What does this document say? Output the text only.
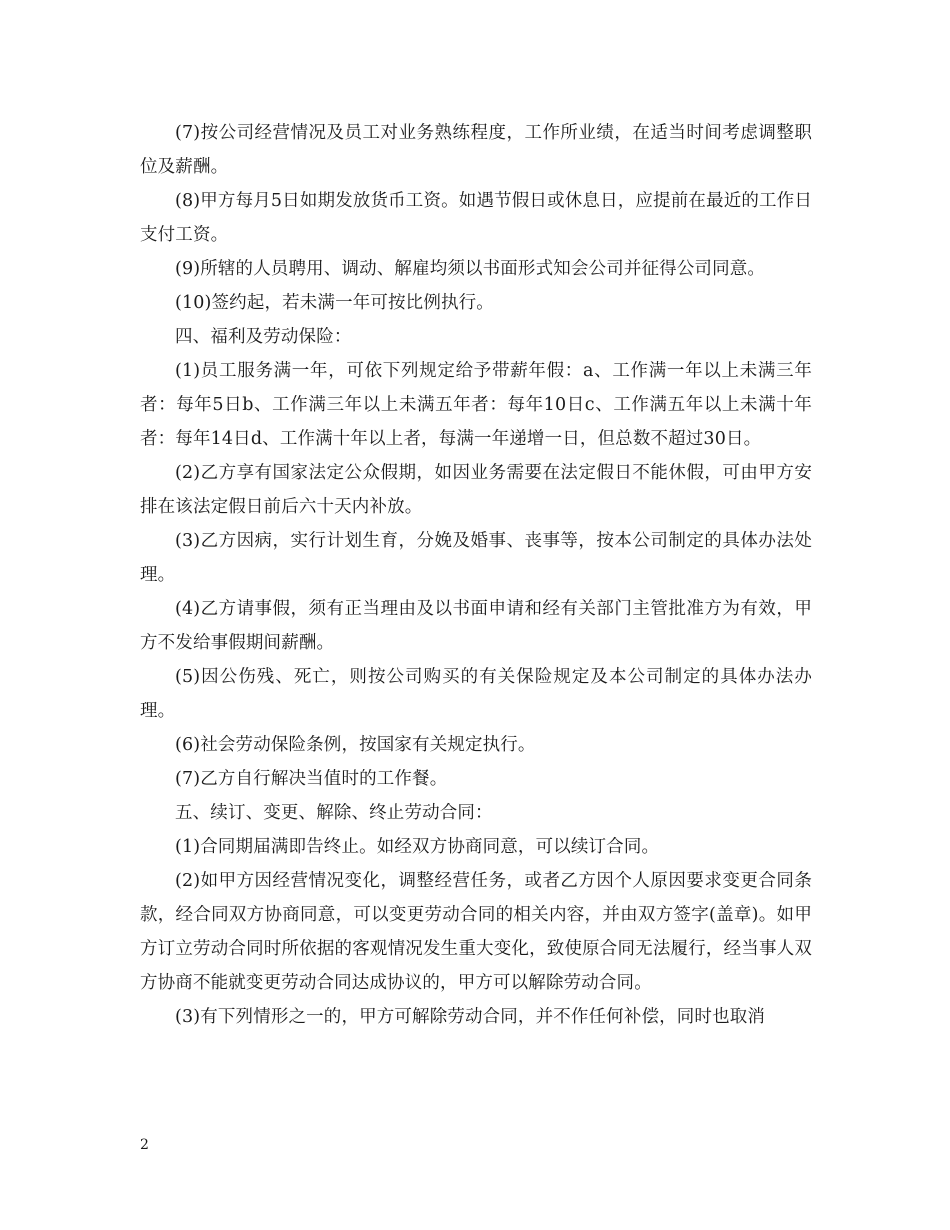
(7)按公司经营情况及员工对业务熟练程度，工作所业绩，在适当时间考虑调整职位及薪酬。

(8)甲方每月5日如期发放货币工资。如遇节假日或休息日，应提前在最近的工作日支付工资。

(9)所辖的人员聘用、调动、解雇均须以书面形式知会公司并征得公司同意。

(10)签约起，若未满一年可按比例执行。

四、福利及劳动保险：

(1)员工服务满一年，可依下列规定给予带薪年假：a、工作满一年以上未满三年者：每年5日b、工作满三年以上未满五年者：每年10日c、工作满五年以上未满十年者：每年14日d、工作满十年以上者，每满一年递增一日，但总数不超过30日。

(2)乙方享有国家法定公众假期，如因业务需要在法定假日不能休假，可由甲方安排在该法定假日前后六十天内补放。

(3)乙方因病，实行计划生育，分娩及婚事、丧事等，按本公司制定的具体办法处理。

(4)乙方请事假，须有正当理由及以书面申请和经有关部门主管批准方为有效，甲方不发给事假期间薪酬。

(5)因公伤残、死亡，则按公司购买的有关保险规定及本公司制定的具体办法办理。

(6)社会劳动保险条例，按国家有关规定执行。

(7)乙方自行解决当值时的工作餐。

五、续订、变更、解除、终止劳动合同：

(1)合同期届满即告终止。如经双方协商同意，可以续订合同。

(2)如甲方因经营情况变化，调整经营任务，或者乙方因个人原因要求变更合同条款，经合同双方协商同意，可以变更劳动合同的相关内容，并由双方签字(盖章)。如甲方订立劳动合同时所依据的客观情况发生重大变化，致使原合同无法履行，经当事人双方协商不能就变更劳动合同达成协议的，甲方可以解除劳动合同。

(3)有下列情形之一的，甲方可解除劳动合同，并不作任何补偿，同时也取消

2
